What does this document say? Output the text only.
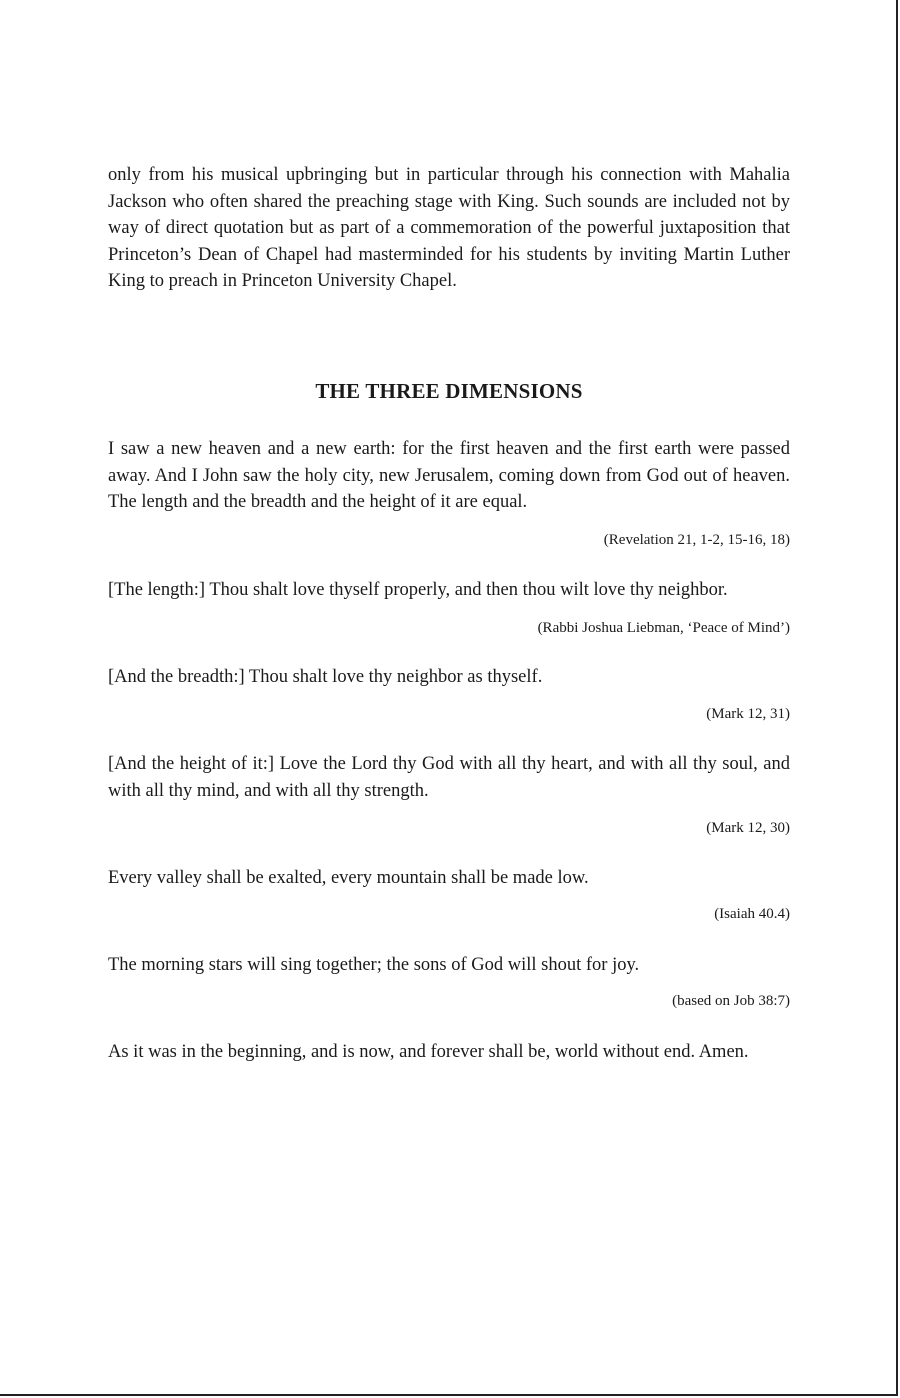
only from his musical upbringing but in particular through his connection with Mahalia Jackson who often shared the preaching stage with King. Such sounds are included not by way of direct quotation but as part of a commemoration of the powerful juxtaposition that Princeton’s Dean of Chapel had masterminded for his students by inviting Martin Luther King to preach in Princeton University Chapel.

THE THREE DIMENSIONS

I saw a new heaven and a new earth: for the first heaven and the first earth were passed away. And I John saw the holy city, new Jerusalem, coming down from God out of heaven. The length and the breadth and the height of it are equal.

(Revelation 21, 1-2, 15-16, 18)

[The length:] Thou shalt love thyself properly, and then thou wilt love thy neighbor.

(Rabbi Joshua Liebman, ‘Peace of Mind’)

[And the breadth:] Thou shalt love thy neighbor as thyself.

(Mark 12, 31)

[And the height of it:] Love the Lord thy God with all thy heart, and with all thy soul, and with all thy mind, and with all thy strength.

(Mark 12, 30)

Every valley shall be exalted, every mountain shall be made low.

(Isaiah 40.4)

The morning stars will sing together; the sons of God will shout for joy.

(based on Job 38:7)

As it was in the beginning, and is now, and forever shall be, world without end. Amen.
